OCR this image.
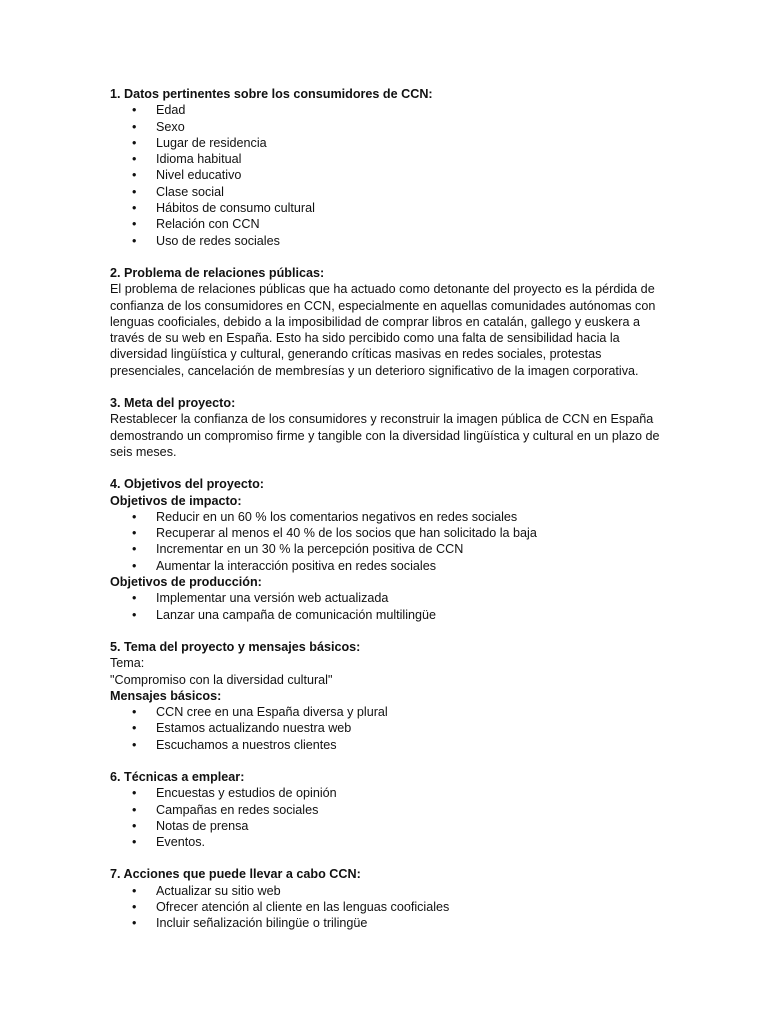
1. Datos pertinentes sobre los consumidores de CCN:
• Edad
• Sexo
• Lugar de residencia
• Idioma habitual
• Nivel educativo
• Clase social
• Hábitos de consumo cultural
• Relación con CCN
• Uso de redes sociales
2. Problema de relaciones públicas:

El problema de relaciones públicas que ha actuado como detonante del proyecto es la pérdida de confianza de los consumidores en CCN, especialmente en aquellas comunidades autónomas con lenguas cooficiales, debido a la imposibilidad de comprar libros en catalán, gallego y euskera a través de su web en España. Esto ha sido percibido como una falta de sensibilidad hacia la diversidad lingüística y cultural, generando críticas masivas en redes sociales, protestas presenciales, cancelación de membresías y un deterioro significativo de la imagen corporativa.

3. Meta del proyecto:

Restablecer la confianza de los consumidores y reconstruir la imagen pública de CCN en España demostrando un compromiso firme y tangible con la diversidad lingüística y cultural en un plazo de seis meses.

4. Objetivos del proyecto:
Objetivos de impacto:
• Reducir en un 60 % los comentarios negativos en redes sociales
• Recuperar al menos el 40 % de los socios que han solicitado la baja
• Incrementar en un 30 % la percepción positiva de CCN
• Aumentar la interacción positiva en redes sociales
Objetivos de producción:
• Implementar una versión web actualizada
• Lanzar una campaña de comunicación multilingüe
5. Tema del proyecto y mensajes básicos:
Tema:
"Compromiso con la diversidad cultural"
Mensajes básicos:
• CCN cree en una España diversa y plural
• Estamos actualizando nuestra web
• Escuchamos a nuestros clientes
6. Técnicas a emplear:
• Encuestas y estudios de opinión
• Campañas en redes sociales
• Notas de prensa
• Eventos.
7. Acciones que puede llevar a cabo CCN:
• Actualizar su sitio web
• Ofrecer atención al cliente en las lenguas cooficiales
• Incluir señalización bilingüe o trilingüe
